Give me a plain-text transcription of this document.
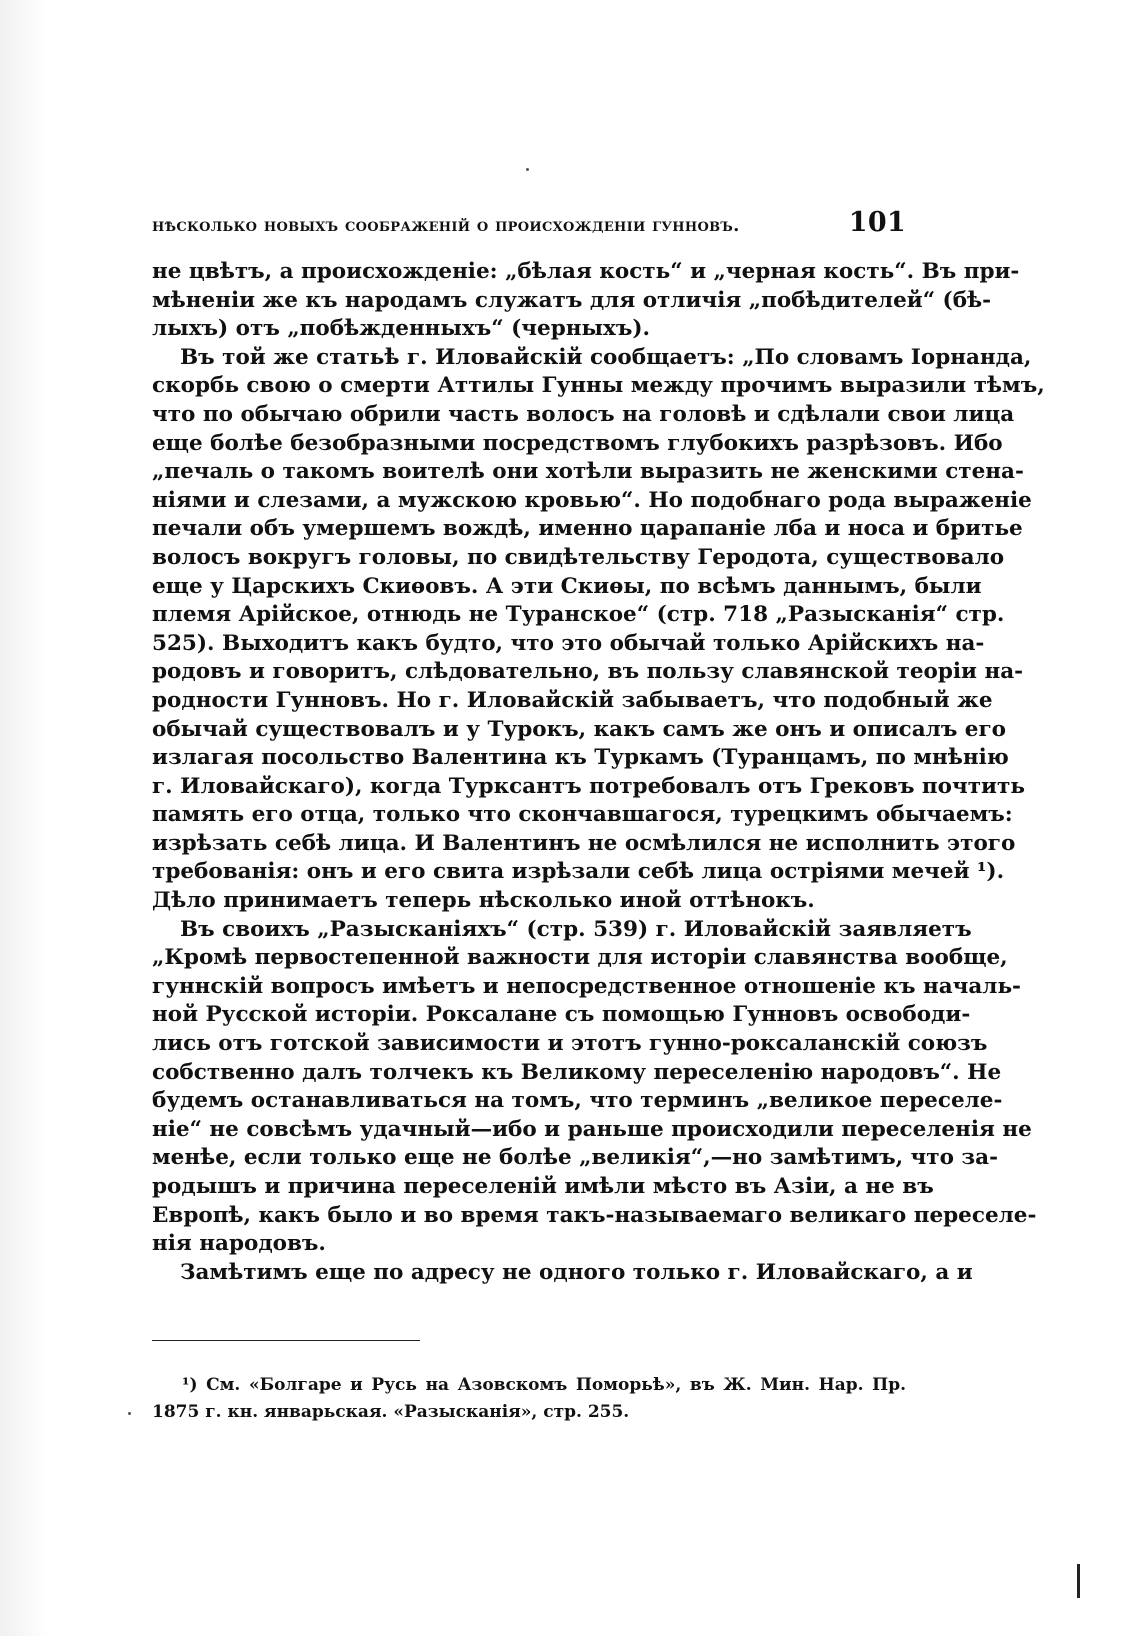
нѣсколько новыхъ соображеній о происхожденіи гунновъ.	101
не цвѣтъ, а происхожденіе: „бѣлая кость“ и „черная кость“. Въ при-
мѣненіи же къ народамъ служатъ для отличія „побѣдителей“ (бѣ-
лыхъ) отъ „побѣжденныхъ“ (черныхъ).
Въ той же статьѣ г. Иловайскій сообщаетъ: „По словамъ Іорнанда,
скорбь свою о смерти Аттилы Гунны между прочимъ выразили тѣмъ,
что по обычаю обрили часть волосъ на головѣ и сдѣлали свои лица
еще болѣе безобразными посредствомъ глубокихъ разрѣзовъ. Ибо
„печаль о такомъ воителѣ они хотѣли выразить не женскими стена-
ніями и слезами, а мужскою кровью“. Но подобнаго рода выраженіе
печали объ умершемъ вождѣ, именно царапаніе лба и носа и бритье
волосъ вокругъ головы, по свидѣтельству Геродота, существовало
еще у Царскихъ Скиѳовъ. А эти Скиѳы, по всѣмъ даннымъ, были
племя Арійское, отнюдь не Туранское“ (стр. 718 „Разысканія“ стр.
525). Выходитъ какъ будто, что это обычай только Арійскихъ на-
родовъ и говоритъ, слѣдовательно, въ пользу славянской теоріи на-
родности Гунновъ. Но г. Иловайскій забываетъ, что подобный же
обычай существовалъ и у Турокъ, какъ самъ же онъ и описалъ его
излагая посольство Валентина къ Туркамъ (Туранцамъ, по мнѣнію
г. Иловайскаго), когда Турксантъ потребовалъ отъ Грековъ почтить
память его отца, только что скончавшагося, турецкимъ обычаемъ:
изрѣзать себѣ лица. И Валентинъ не осмѣлился не исполнить этого
требованія: онъ и его свита изрѣзали себѣ лица остріями мечей ¹).
Дѣло принимаетъ теперь нѣсколько иной оттѣнокъ.
Въ своихъ „Разысканіяхъ“ (стр. 539) г. Иловайскій заявляетъ
„Кромѣ первостепенной важности для исторіи славянства вообще,
гуннскій вопросъ имѣетъ и непосредственное отношеніе къ началь-
ной Русской исторіи. Роксалане съ помощью Гунновъ освободи-
лись отъ готской зависимости и этотъ гунно-роксаланскій союзъ
собственно далъ толчекъ къ Великому переселенію народовъ“. Не
будемъ останавливаться на томъ, что терминъ „великое переселе-
ніе“ не совсѣмъ удачный—ибо и раньше происходили переселенія не
менѣе, если только еще не болѣе „великія“,—но замѣтимъ, что за-
родышъ и причина переселеній имѣли мѣсто въ Азіи, а не въ
Европѣ, какъ было и во время такъ-называемаго великаго переселе-
нія народовъ.
Замѣтимъ еще по адресу не одного только г. Иловайскаго, а и
¹) См. «Болгаре и Русь на Азовскомъ Поморьѣ», въ Ж. Мин. Нар. Пр.
1875 г. кн. январьская. «Разысканія», стр. 255.
